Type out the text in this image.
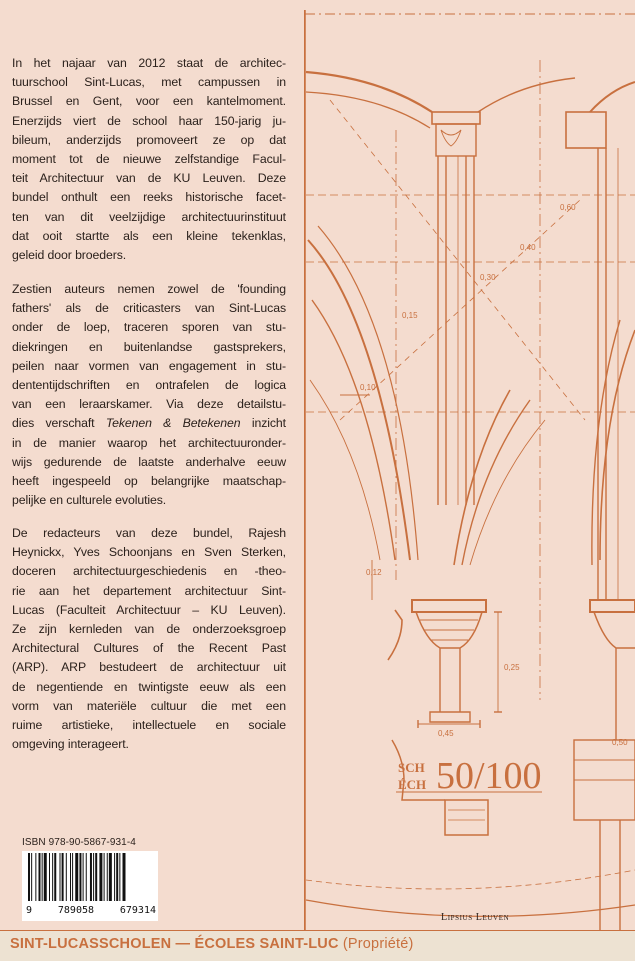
0,10
0,15
0,12
0,45
0,25
0,60
0,40
0,30
0,50
SCH
ÉCH 50/100
In het najaar van 2012 staat de architec-
tuurschool Sint-Lucas, met campussen in
Brussel en Gent, voor een kantelmoment.
Enerzijds viert de school haar 150-jarig ju-
bileum, anderzijds promoveert ze op dat
moment tot de nieuwe zelfstandige Facul-
teit Architectuur van de KU Leuven. Deze
bundel onthult een reeks historische facet-
ten van dit veelzijdige architectuurinstituut
dat ooit startte als een kleine tekenklas,
geleid door broeders.
Zestien auteurs nemen zowel de 'founding
fathers' als de criticasters van Sint-Lucas
onder de loep, traceren sporen van stu-
diekringen en buitenlandse gastsprekers,
peilen naar vormen van engagement in stu-
dententijdschriften en ontrafelen de logica
van een leraarskamer. Via deze detailstu-
dies verschaft Tekenen & Betekenen inzicht
in de manier waarop het architectuuronder-
wijs gedurende de laatste anderhalve eeuw
heeft ingespeeld op belangrijke maatschap-
pelijke en culturele evoluties.
De redacteurs van deze bundel, Rajesh
Heynickx, Yves Schoonjans en Sven Sterken,
doceren architectuurgeschiedenis en -theo-
rie aan het departement architectuur Sint-
Lucas (Faculteit Architectuur – KU Leuven).
Ze zijn kernleden van de onderzoeksgroep
Architectural Cultures of the Recent Past
(ARP). ARP bestudeert de architectuur uit
de negentiende en twintigste eeuw als een
vorm van materiële cultuur die met een
ruime artistieke, intellectuele en sociale
omgeving interageert.
ISBN 978-90-5867-931-4
9	789058	679314
Lipsius Leuven
SINT-LUCASSCHOLEN — ÉCOLES SAINT-LUC (Propriété)
